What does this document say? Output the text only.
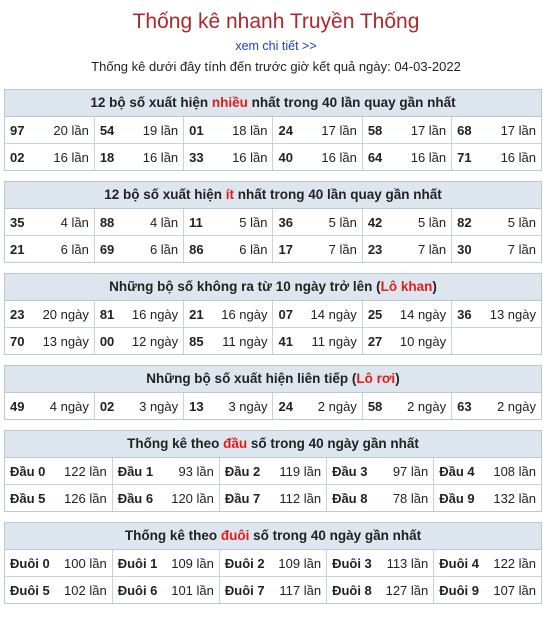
Thống kê nhanh Truyền Thống
xem chi tiết >>
Thống kê dưới đây tính đến trước giờ kết quả ngày: 04-03-2022
12 bộ số xuất hiện nhiều nhất trong 40 lần quay gần nhất
97 20 lần	54 19 lần	01 18 lần	24 17 lần	58 17 lần	68 17 lần

02 16 lần	18 16 lần	33 16 lần	40 16 lần	64 16 lần	71 16 lần
12 bộ số xuất hiện ít nhất trong 40 lần quay gần nhất
35 4 lần	88 4 lần	11 5 lần	36 5 lần	42 5 lần	82 5 lần

21 6 lần	69 6 lần	86 6 lần	17 7 lần	23 7 lần	30 7 lần
Những bộ số không ra từ 10 ngày trở lên (Lô khan)
23 20 ngày	81 16 ngày	21 16 ngày	07 14 ngày	25 14 ngày	36 13 ngày

70 13 ngày	00 12 ngày	85 11 ngày	41 11 ngày	27 10 ngày	

Những bộ số xuất hiện liên tiếp (Lô rơi)
49 4 ngày	02 3 ngày	13 3 ngày	24 2 ngày	58 2 ngày	63 2 ngày
Thống kê theo đầu số trong 40 ngày gần nhất
Đầu 0 122 lần	Đầu 1 93 lần	Đầu 2 119 lần	Đầu 3 97 lần	Đầu 4 108 lần

Đầu 5 126 lần	Đầu 6 120 lần	Đầu 7 112 lần	Đầu 8 78 lần	Đầu 9 132 lần
Thống kê theo đuôi số trong 40 ngày gần nhất
Đuôi 0 100 lần	Đuôi 1 109 lần	Đuôi 2 109 lần	Đuôi 3 113 lần	Đuôi 4 122 lần

Đuôi 5 102 lần	Đuôi 6 101 lần	Đuôi 7 117 lần	Đuôi 8 127 lần	Đuôi 9 107 lần
